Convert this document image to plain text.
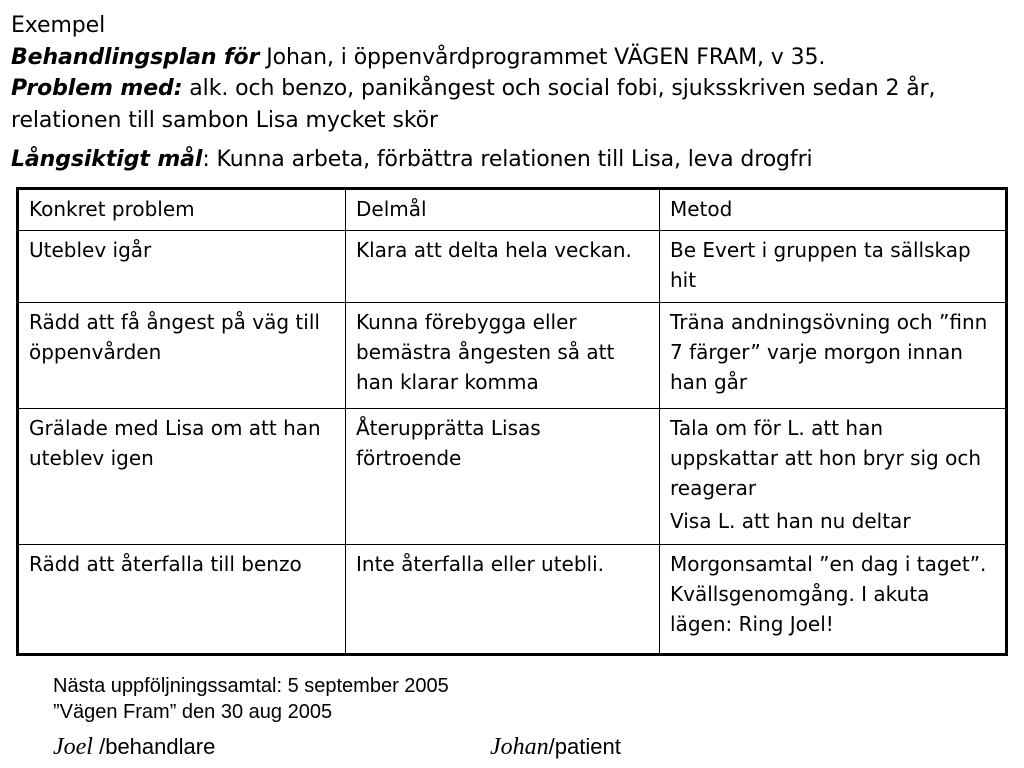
Exempel
Behandlingsplan för Johan, i öppenvårdprogrammet VÄGEN FRAM, v 35.
Problem med: alk. och benzo, panikångest och social fobi, sjuksskriven sedan 2 år, relationen till sambon Lisa mycket skör
Långsiktigt mål: Kunna arbeta, förbättra relationen till Lisa, leva drogfri
Konkret problem	Delmål	Metod
Uteblev igår	Klara att delta hela veckan.	Be Evert i gruppen ta sällskap hit
Rädd att få ångest på väg till öppenvården	Kunna förebygga eller bemästra ångesten så att han klarar komma	Träna andningsövning och ”finn 7 färger” varje morgon innan han går
Grälade med Lisa om att han uteblev igen	Återupprätta Lisas förtroende	Tala om för L. att han uppskattar att hon bryr sig och reagerar
Visa L. att han nu deltar

Rädd att återfalla till benzo	Inte återfalla eller utebli.	Morgonsamtal ”en dag i taget”. Kvällsgenomgång. I akuta lägen: Ring Joel!
Nästa uppföljningssamtal: 5 september 2005
”Vägen Fram” den 30 aug 2005
Joel /behandlare	Johan/patient
